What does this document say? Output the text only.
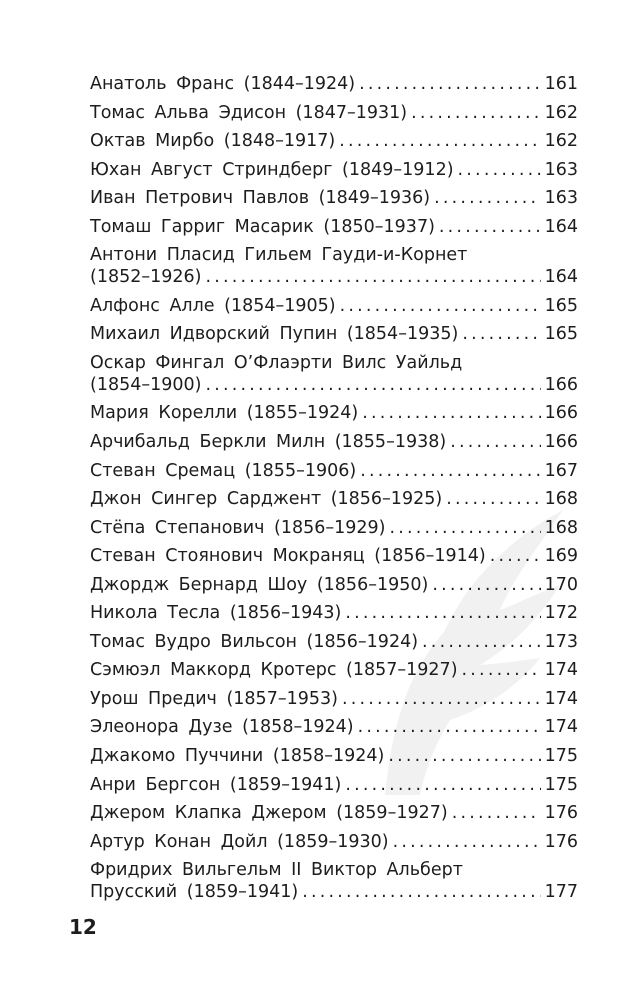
Анатоль Франс (1844–1924) .....	161
Томас Альва Эдисон (1847–1931) .....	162
Октав Мирбо (1848–1917) .....	162
Юхан Август Стриндберг (1849–1912) .....	163
Иван Петрович Павлов (1849–1936) .....	163
Томаш Гарриг Масарик (1850–1937) .....	164
Антони Пласид Гильем Гауди-и-Корнет
(1852–1926) .....	164
Алфонс Алле (1854–1905) .....	165
Михаил Идворский Пупин (1854–1935) .....	165
Оскар Фингал О’Флаэрти Вилс Уайльд
(1854–1900) .....	166
Мария Корелли (1855–1924) .....	166
Арчибальд Беркли Милн (1855–1938) .....	166
Стеван Сремац (1855–1906) .....	167
Джон Сингер Сарджент (1856–1925) .....	168
Стёпа Степанович (1856–1929) .....	168
Стеван Стоянович Мокраняц (1856–1914) .....	169
Джордж Бернард Шоу (1856–1950) .....	170
Никола Тесла (1856–1943) .....	172
Томас Вудро Вильсон (1856–1924) .....	173
Сэмюэл Маккорд Кротерс (1857–1927) .....	174
Урош Предич (1857–1953) .....	174
Элеонора Дузе (1858–1924) .....	174
Джакомо Пуччини (1858–1924) .....	175
Анри Бергсон (1859–1941) .....	175
Джером Клапка Джером (1859–1927) .....	176
Артур Конан Дойл (1859–1930) .....	176
Фридрих Вильгельм II Виктор Альберт
Прусский (1859–1941) .....	177
12
